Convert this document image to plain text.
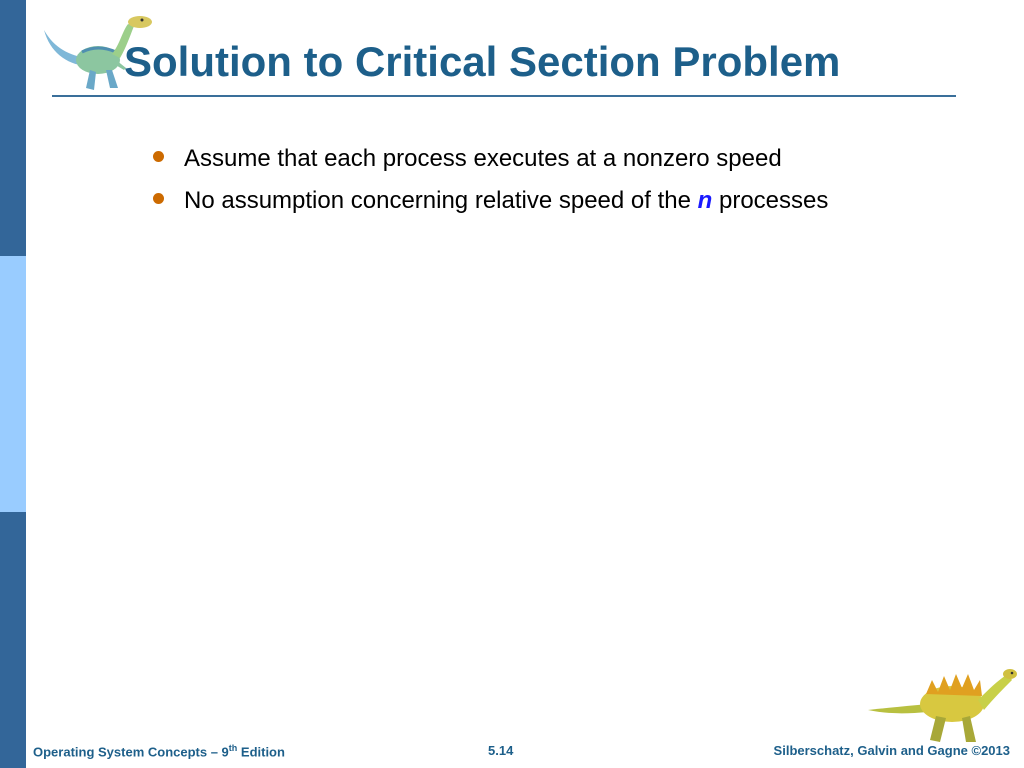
Solution to Critical Section Problem
Assume that each process executes at a nonzero speed
No assumption concerning relative speed of the n processes
Operating System Concepts – 9th Edition	5.14	Silberschatz, Galvin and Gagne ©2013
